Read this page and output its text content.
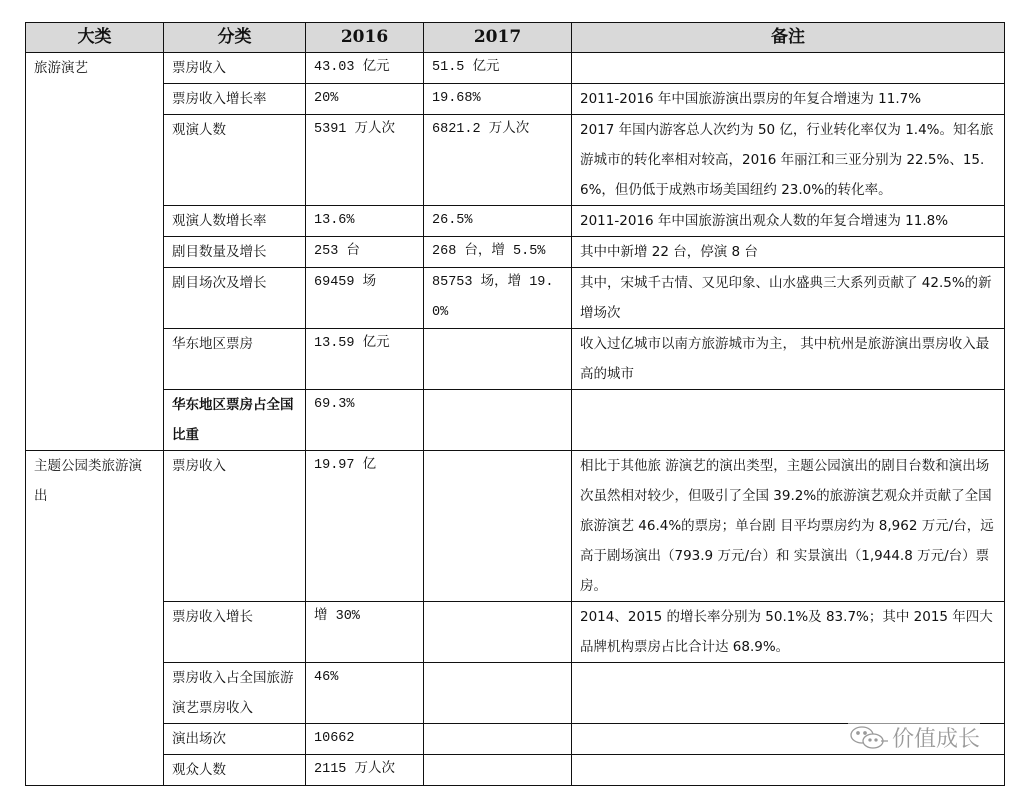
大类	分类	2016	2017	备注
旅游演艺	票房收入	43.03 亿元	51.5 亿元	
	票房收入增长率	20%	19.68%	2011-2016 年中国旅游演出票房的年复合增速为 11.7%
	观演人数	5391 万人次	6821.2 万人次	2017 年国内游客总人次约为 50 亿，行业转化率仅为 1.4%。知名旅游城市的转化率相对较高，2016 年丽江和三亚分别为 22.5%、15.6%，但仍低于成熟市场美国纽约 23.0%的转化率。
	观演人数增长率	13.6%	26.5%	2011-2016 年中国旅游演出观众人数的年复合增速为 11.8%
	剧目数量及增长	253 台	268 台，增 5.5%	其中中新增 22 台，停演 8 台
	剧目场次及增长	69459 场	85753 场，增 19.0%	其中，宋城千古情、又见印象、山水盛典三大系列贡献了 42.5%的新增场次
	华东地区票房	13.59 亿元		收入过亿城市以南方旅游城市为主， 其中杭州是旅游演出票房收入最高的城市
	华东地区票房占全国比重	69.3%		
主题公园类旅游演出	票房收入	19.97 亿		相比于其他旅 游演艺的演出类型，主题公园演出的剧目台数和演出场次虽然相对较少，但吸引了全国 39.2%的旅游演艺观众并贡献了全国旅游演艺 46.4%的票房；单台剧 目平均票房约为 8,962 万元/台，远高于剧场演出（793.9 万元/台）和 实景演出（1,944.8 万元/台）票房。
	票房收入增长	增 30%		2014、2015 的增长率分别为 50.1%及 83.7%；其中 2015 年四大品牌机构票房占比合计达 68.9%。
	票房收入占全国旅游演艺票房收入	46%		
	演出场次	10662		
	观众人数	2115 万人次		
价值成长
